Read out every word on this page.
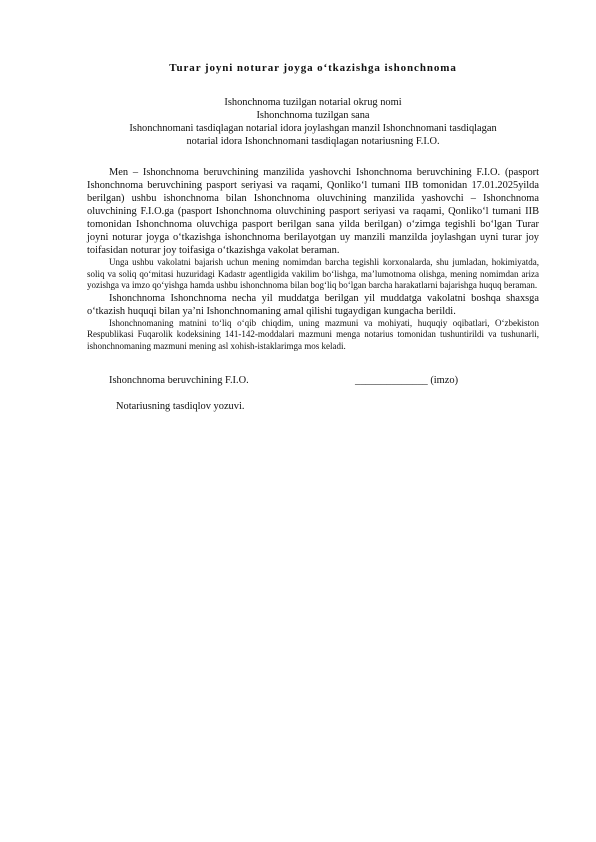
Turar joyni noturar joyga o‘tkazishga ishonchnoma
Ishonchnoma tuzilgan notarial okrug nomi
Ishonchnoma tuzilgan sana
Ishonchnomani tasdiqlagan notarial idora joylashgan manzil Ishonchnomani tasdiqlagan
notarial idora Ishonchnomani tasdiqlagan notariusning F.I.O.

Men – Ishonchnoma beruvchining manzilida yashovchi Ishonchnoma beruvchining F.I.O. (pasport Ishonchnoma beruvchining pasport seriyasi va raqami, Qonliko‘l tumani IIB tomonidan 17.01.2025yilda berilgan) ushbu ishonchnoma bilan Ishonchnoma oluvchining manzilida yashovchi – Ishonchnoma oluvchining F.I.O.ga (pasport Ishonchnoma oluvchining pasport seriyasi va raqami, Qonliko‘l tumani IIB tomonidan Ishonchnoma oluvchiga pasport berilgan sana yilda berilgan) o‘zimga tegishli bo‘lgan Turar joyni noturar joyga o‘tkazishga ishonchnoma berilayotgan uy manzili manzilda joylashgan uyni turar joy toifasidan noturar joy toifasiga o‘tkazishga vakolat beraman.

Unga ushbu vakolatni bajarish uchun mening nomimdan barcha tegishli korxonalarda, shu jumladan, hokimiyatda, soliq va soliq qo‘mitasi huzuridagi Kadastr agentligida vakilim bo‘lishga, ma’lumotnoma olishga, mening nomimdan ariza yozishga va imzo qo‘yishga hamda ushbu ishonchnoma bilan bog‘liq bo‘lgan barcha harakatlarni bajarishga huquq beraman.

Ishonchnoma Ishonchnoma necha yil muddatga berilgan yil muddatga vakolatni boshqa shaxsga o‘tkazish huquqi bilan ya’ni Ishonchnomaning amal qilishi tugaydigan kungacha berildi.

Ishonchnomaning matnini to‘liq o‘qib chiqdim, uning mazmuni va mohiyati, huquqiy oqibatlari, O‘zbekiston Respublikasi Fuqarolik kodeksining 141-142-moddalari mazmuni menga notarius tomonidan tushuntirildi va tushunarli, ishonchnomaning mazmuni mening asl xohish-istaklarimga mos keladi.

Ishonchnoma beruvchining F.I.O.	______________ (imzo)
Notariusning tasdiqlov yozuvi.
